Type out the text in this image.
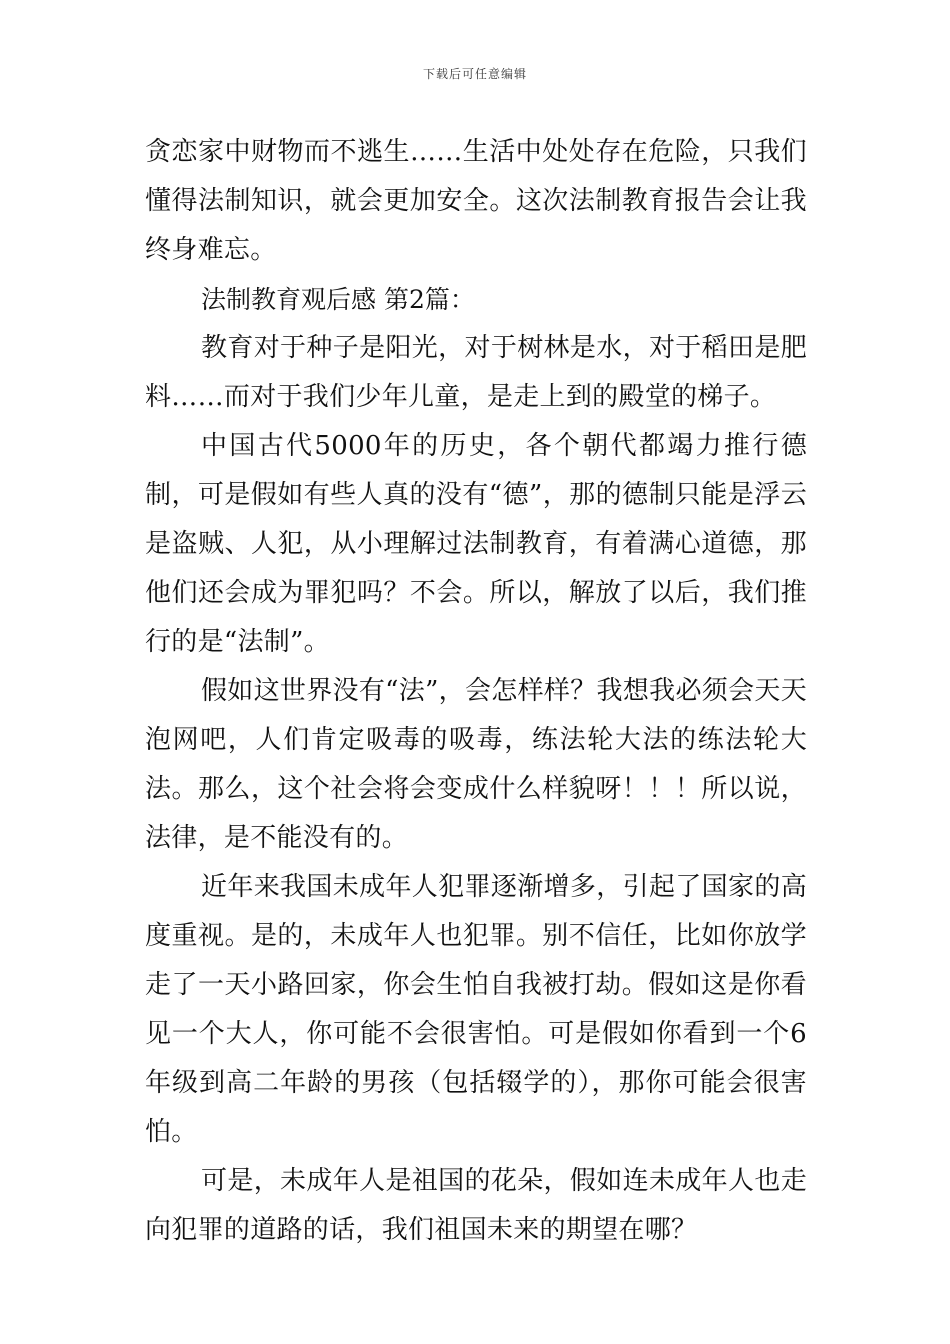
下载后可任意编辑

贪恋家中财物而不逃生……生活中处处存在危险，只我们懂得法制知识，就会更加安全。这次法制教育报告会让我终身难忘。

法制教育观后感 第2篇：

教育对于种子是阳光，对于树林是水，对于稻田是肥料……而对于我们少年儿童，是走上到的殿堂的梯子。

中国古代5000年的历史，各个朝代都竭力推行德制，可是假如有些人真的没有“德”，那的德制只能是浮云是盗贼、人犯，从小理解过法制教育，有着满心道德，那他们还会成为罪犯吗？不会。所以，解放了以后，我们推行的是“法制”。

假如这世界没有“法”，会怎样样？我想我必须会天天泡网吧，人们肯定吸毒的吸毒，练法轮大法的练法轮大法。那么，这个社会将会变成什么样貌呀！！！所以说，法律，是不能没有的。

近年来我国未成年人犯罪逐渐增多，引起了国家的高度重视。是的，未成年人也犯罪。别不信任，比如你放学走了一天小路回家，你会生怕自我被打劫。假如这是你看见一个大人，你可能不会很害怕。可是假如你看到一个6年级到高二年龄的男孩（包括辍学的），那你可能会很害怕。

可是，未成年人是祖国的花朵，假如连未成年人也走向犯罪的道路的话，我们祖国未来的期望在哪？
